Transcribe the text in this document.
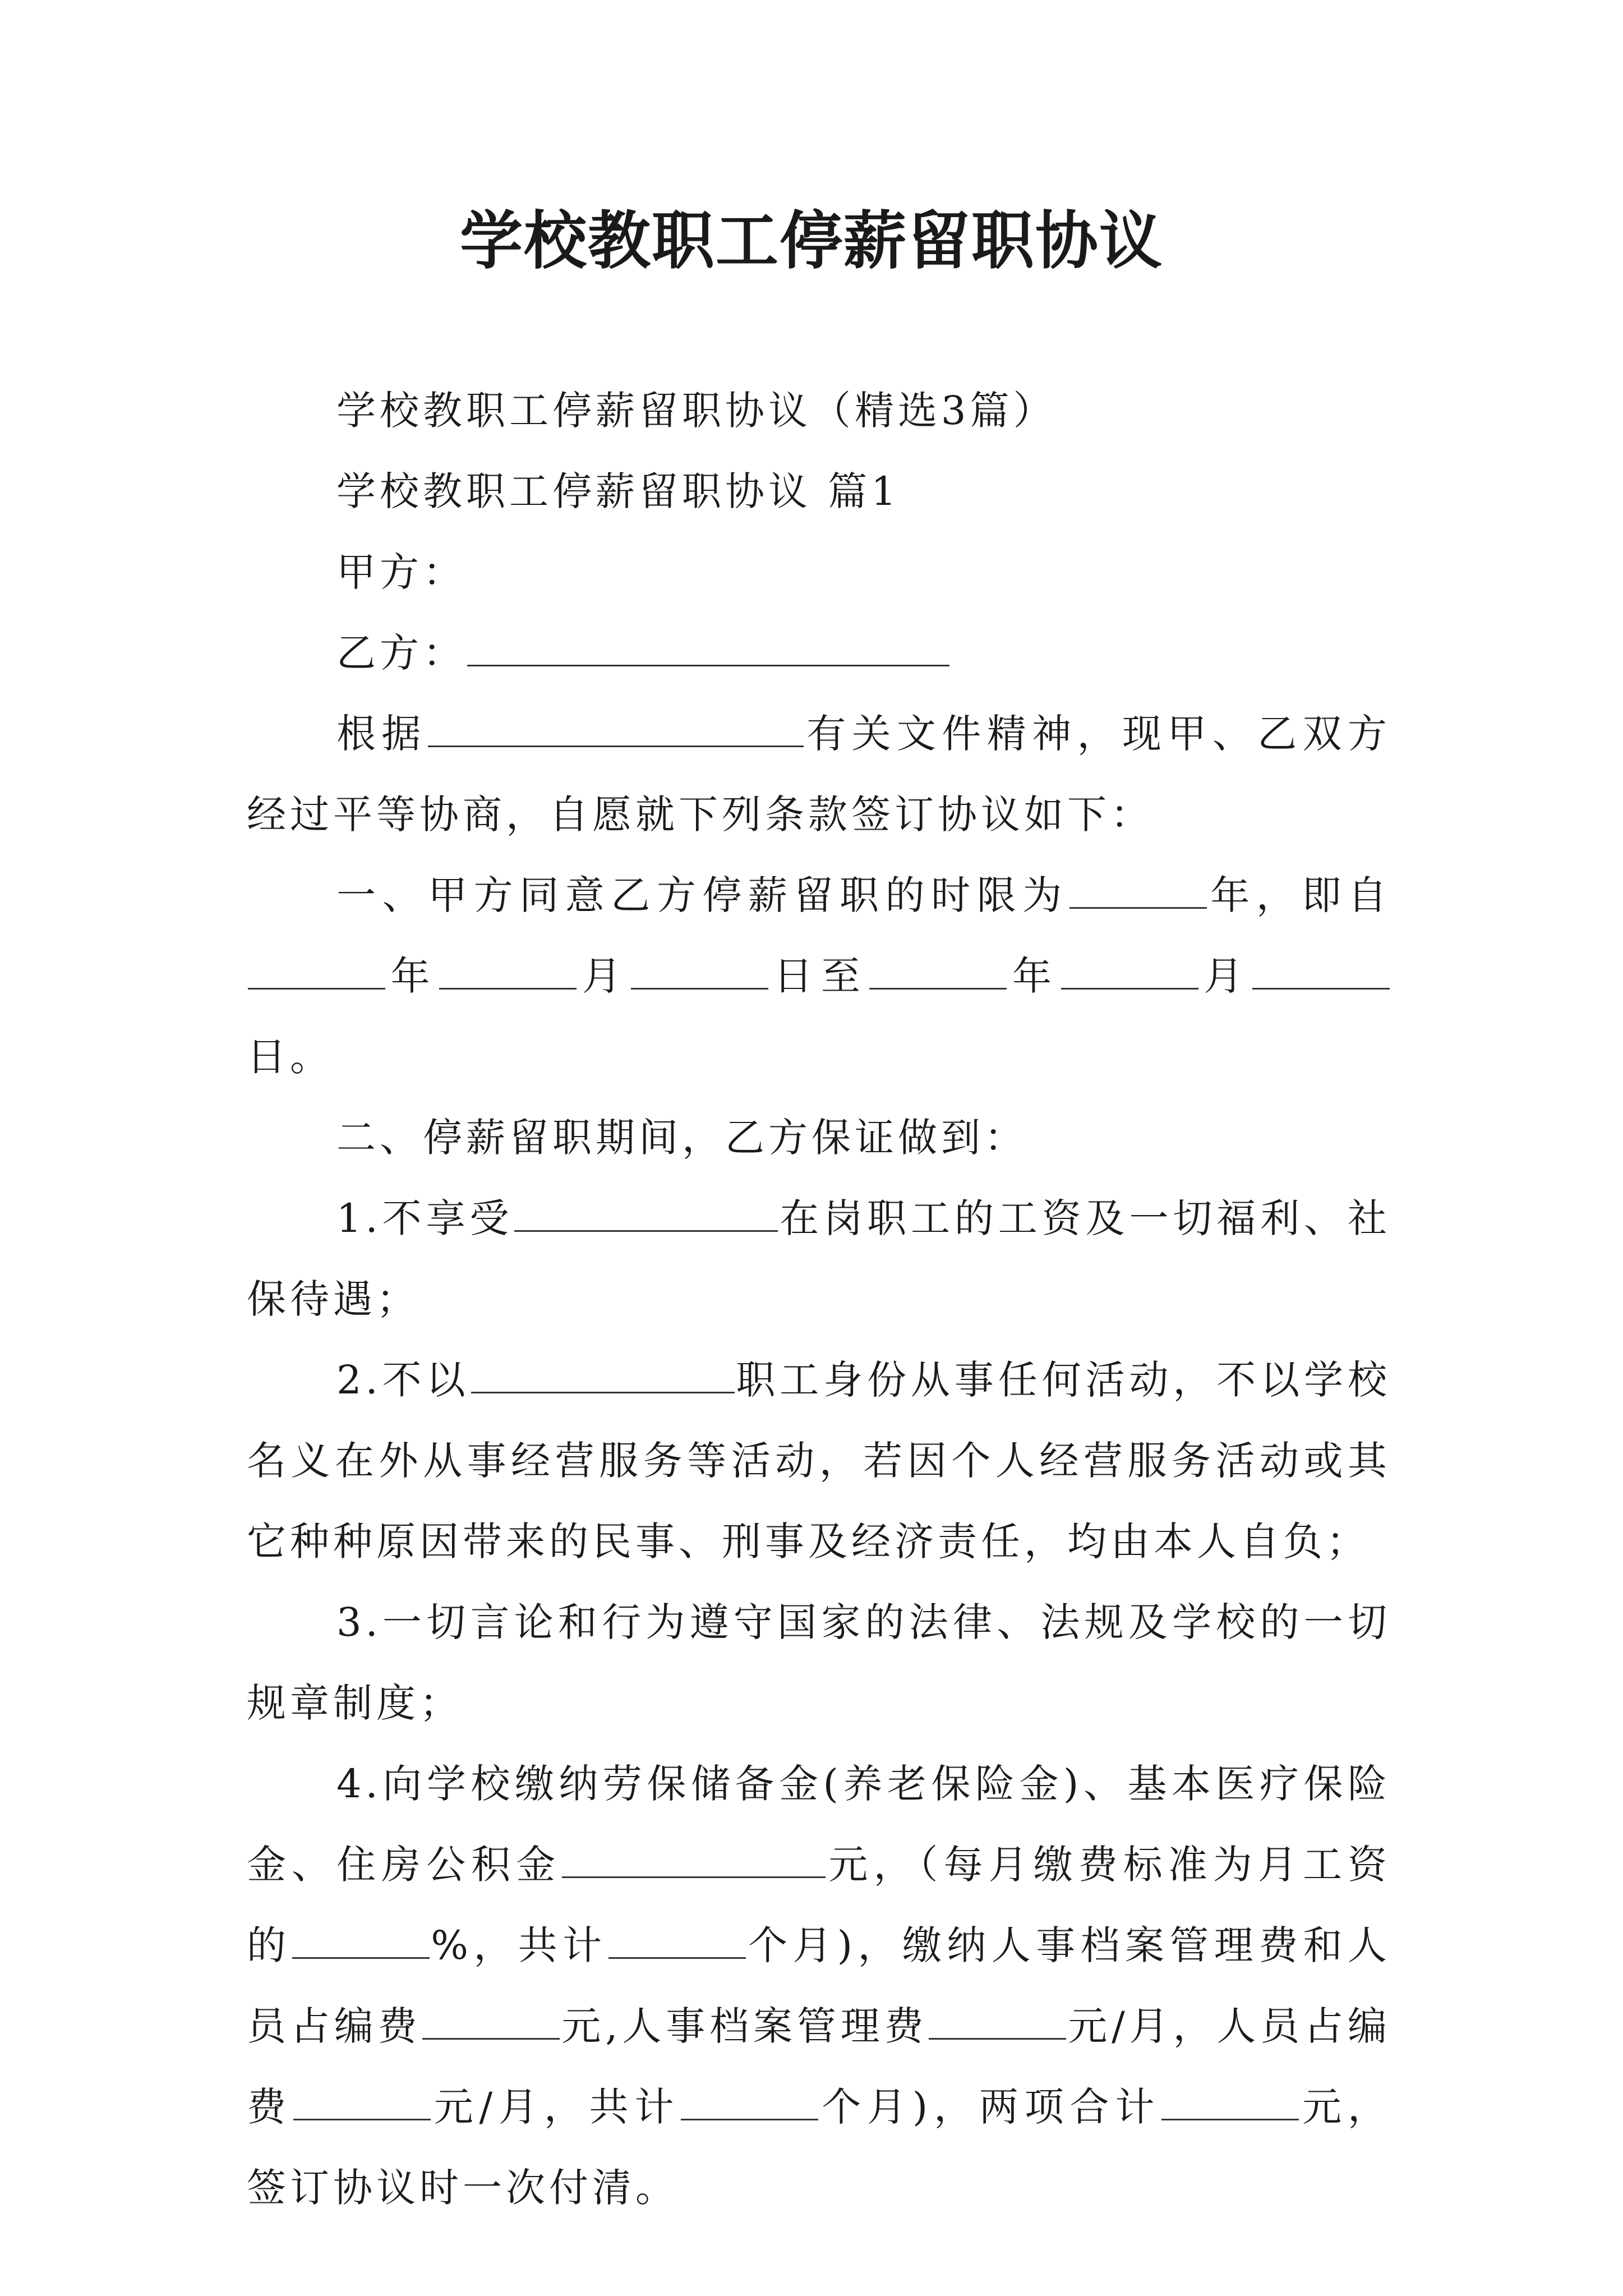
学校教职工停薪留职协议

学校教职工停薪留职协议（精选3篇）

学校教职工停薪留职协议 篇1

甲方：

乙方：

根据	有关文件精神，现甲、乙双方经过平等协商，自愿就下列条款签订协议如下：

一、甲方同意乙方停薪留职的时限为	年，即自年	月	日至	年	月日。

二、停薪留职期间，乙方保证做到：

1.不享受	在岗职工的工资及一切福利、社保待遇；

2.不以	职工身份从事任何活动，不以学校名义在外从事经营服务等活动，若因个人经营服务活动或其它种种原因带来的民事、刑事及经济责任，均由本人自负；

3.一切言论和行为遵守国家的法律、法规及学校的一切规章制度；

4.向学校缴纳劳保储备金(养老保险金)、基本医疗保险金、住房公积金	元，（每月缴费标准为月工资的	%，共计	个月)，缴纳人事档案管理费和人员占编费	元,人事档案管理费	元/月，人员占编费	元/月，共计	个月)，两项合计	元，签订协议时一次付清。
